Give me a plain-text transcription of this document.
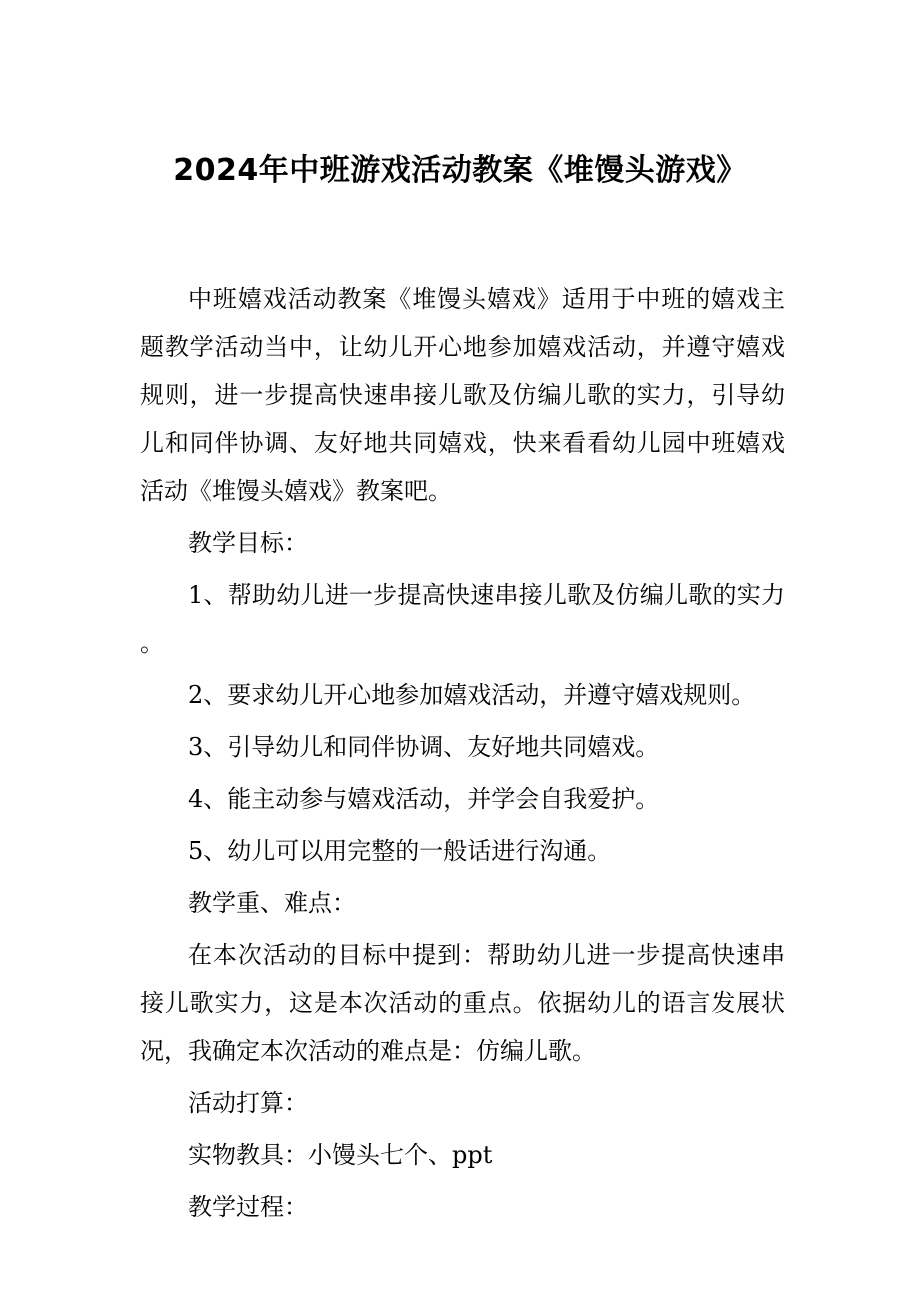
2024年中班游戏活动教案《堆馒头游戏》

中班嬉戏活动教案《堆馒头嬉戏》适用于中班的嬉戏主题教学活动当中，让幼儿开心地参加嬉戏活动，并遵守嬉戏规则，进一步提高快速串接儿歌及仿编儿歌的实力，引导幼儿和同伴协调、友好地共同嬉戏，快来看看幼儿园中班嬉戏活动《堆馒头嬉戏》教案吧。

教学目标：

1、帮助幼儿进一步提高快速串接儿歌及仿编儿歌的实力。

2、要求幼儿开心地参加嬉戏活动，并遵守嬉戏规则。

3、引导幼儿和同伴协调、友好地共同嬉戏。

4、能主动参与嬉戏活动，并学会自我爱护。

5、幼儿可以用完整的一般话进行沟通。

教学重、难点：

在本次活动的目标中提到：帮助幼儿进一步提高快速串接儿歌实力，这是本次活动的重点。依据幼儿的语言发展状况，我确定本次活动的难点是：仿编儿歌。

活动打算：

实物教具：小馒头七个、ppt

教学过程：
